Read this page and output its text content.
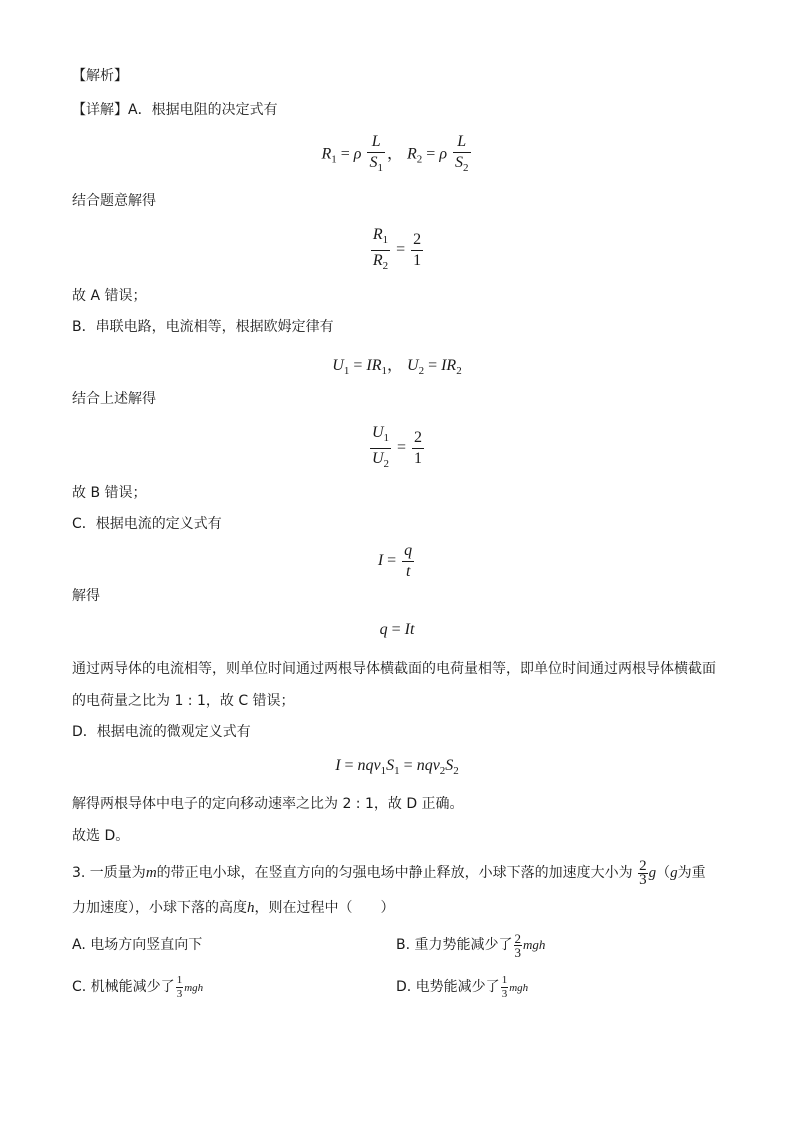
【解析】
【详解】A．根据电阻的决定式有
$R_1 = \rho \frac{L}{S_1}$ ， $R_2 = \rho \frac{L}{S_2}$
结合题意解得
$\frac{R_1}{R_2} = \frac{2}{1}$
故 A 错误；
B．串联电路，电流相等，根据欧姆定律有
$U_1 = IR_1$， $U_2 = IR_2$
结合上述解得
$\frac{U_1}{U_2} = \frac{2}{1}$
故 B 错误；
C．根据电流的定义式有
$I = \frac{q}{t}$
解得
q = It
通过两导体的电流相等，则单位时间通过两根导体横截面的电荷量相等，即单位时间通过两根导体横截面
的电荷量之比为 1 : 1，故 C 错误；
D．根据电流的微观定义式有
$I = nqv_1S_1 = nqv_2S_2$
解得两根导体中电子的定向移动速率之比为 2 : 1，故 D 正确。
故选 D。
3. 一质量为m的带正电小球，在竖直方向的匀强电场中静止释放，小球下落的加速度大小为 $\frac{2}{3} g(g$为重
力加速度），小球下落的高度h，则在过程中（　　）
A. 电场方向竖直向下	B. 重力势能减少了 $\frac{2}{3}$ mgh
C. 机械能减少了 $\frac{1}{3}$ mgh	D. 电势能减少了 $\frac{1}{3}$ mgh
